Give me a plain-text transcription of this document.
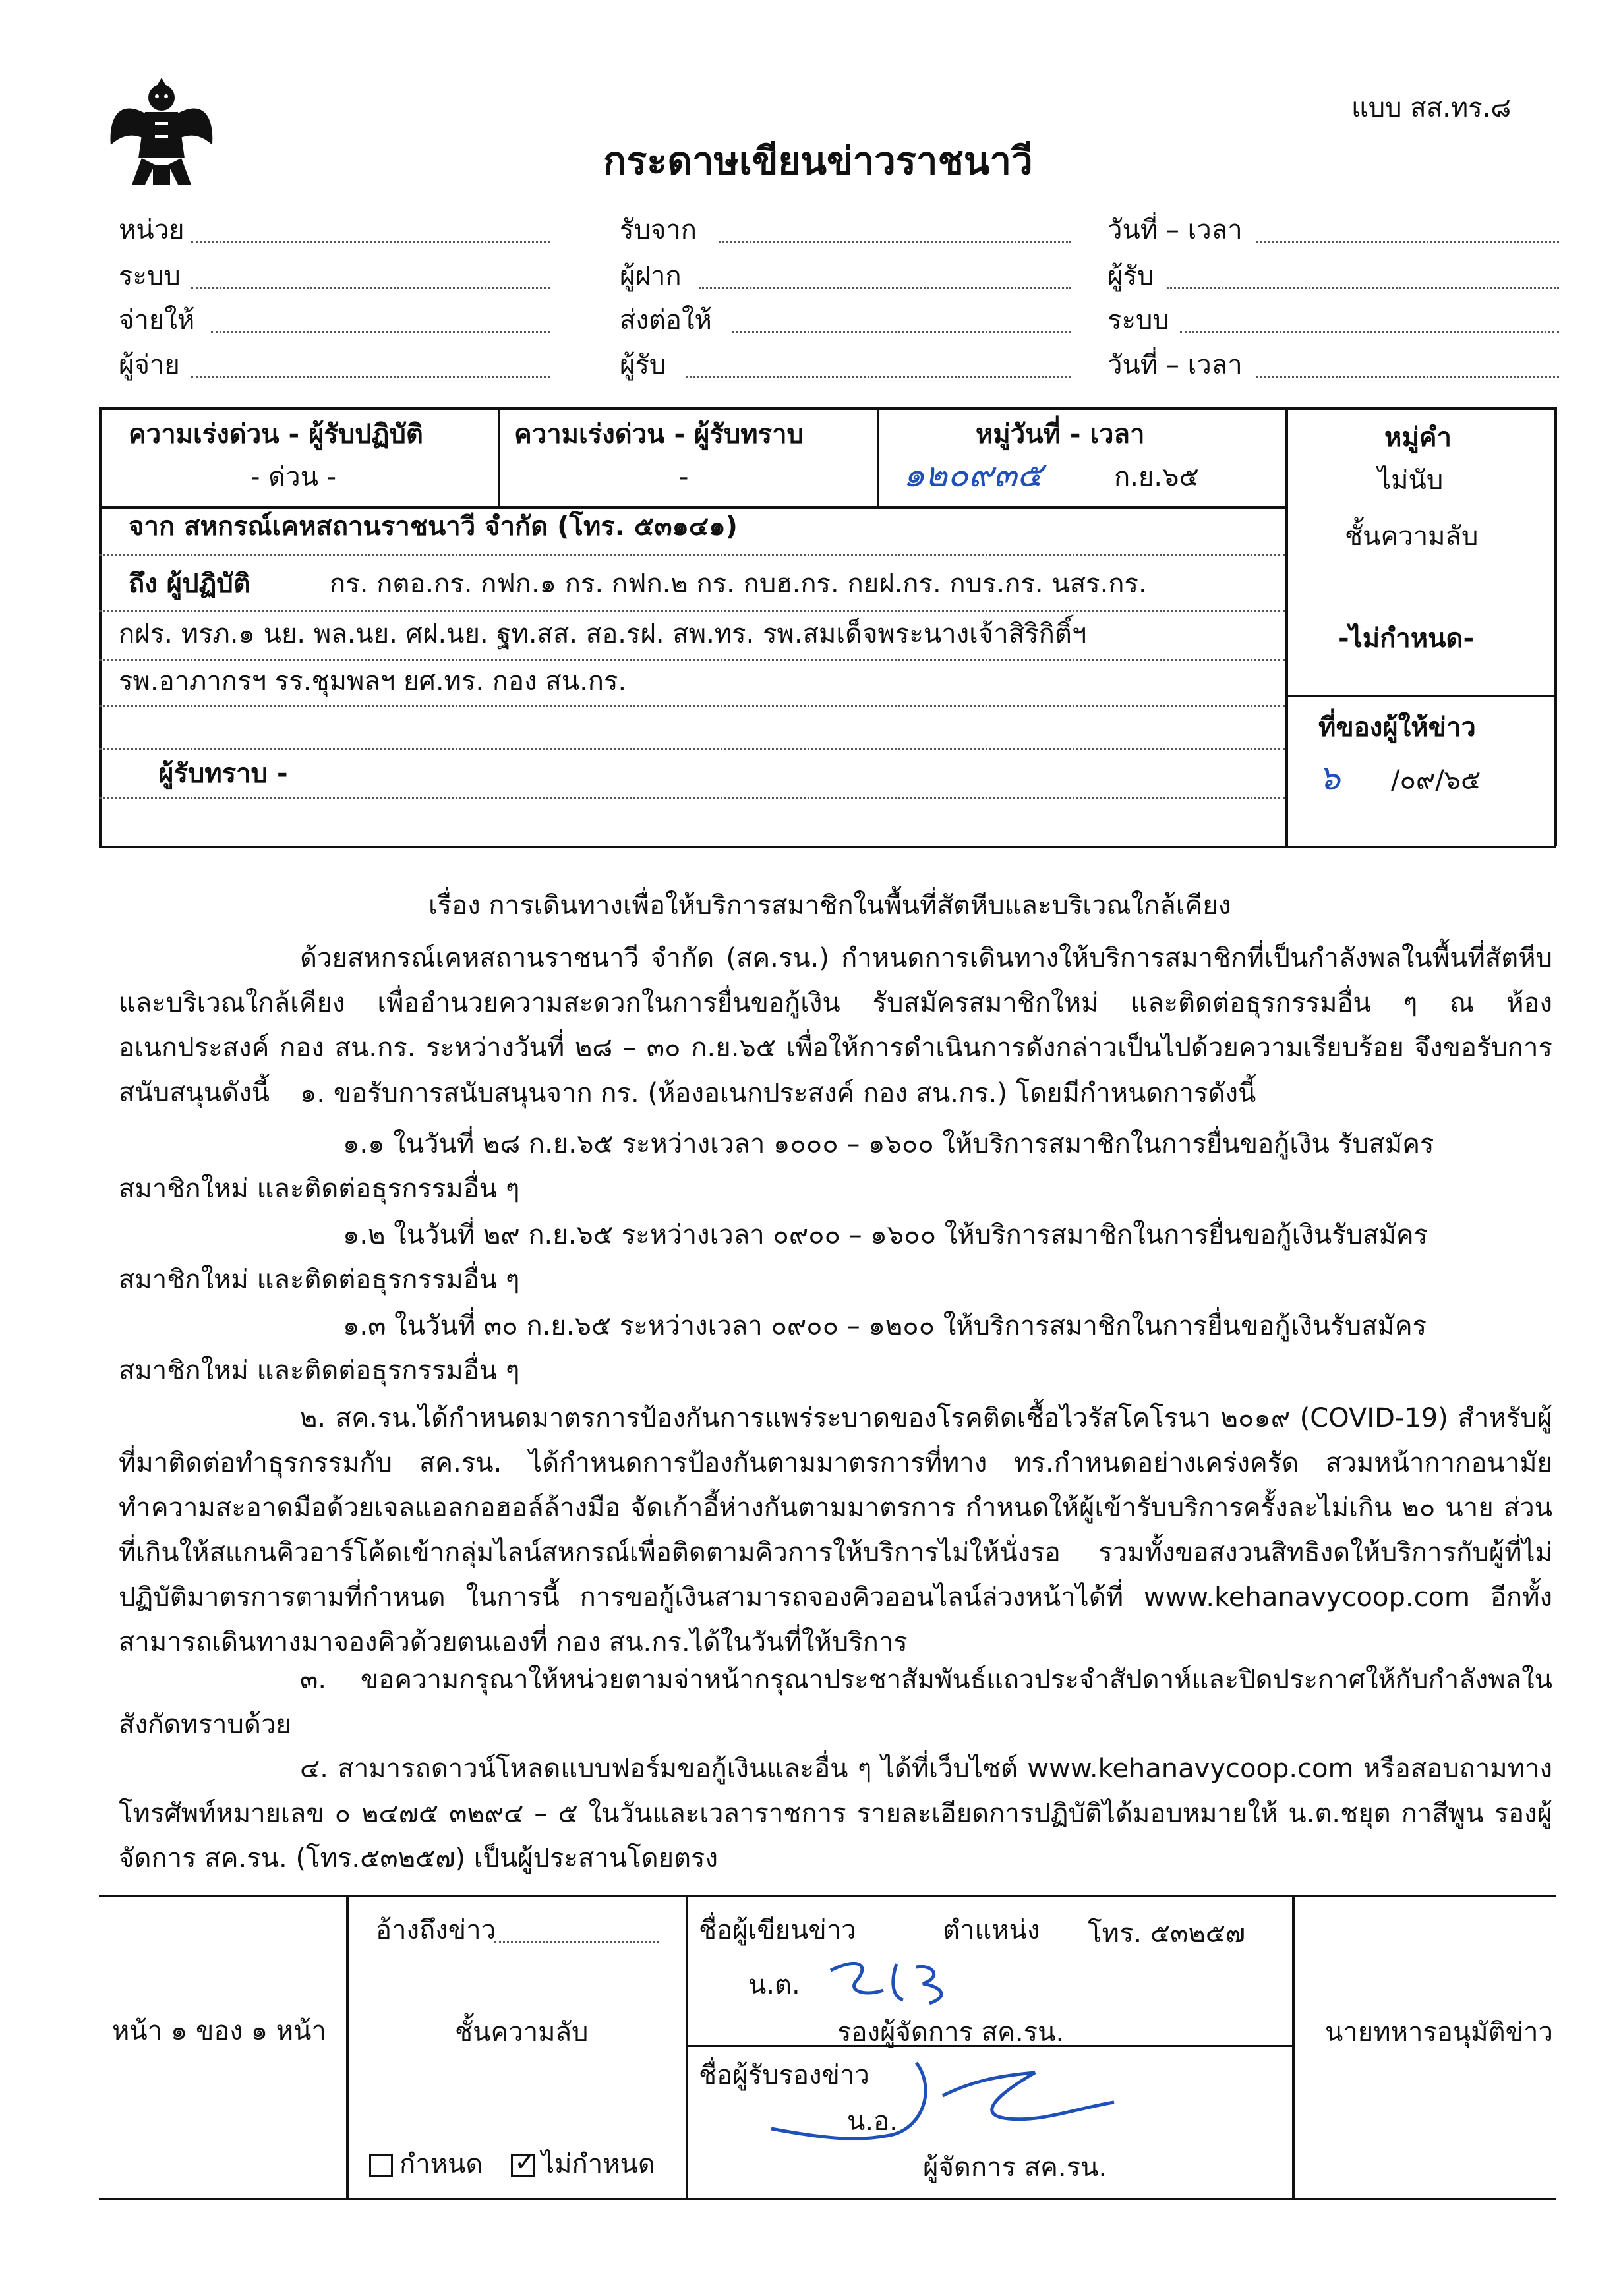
แบบ สส.ทร.๘
กระดาษเขียนข่าวราชนาวี
หน่วย
ระบบ
จ่ายให้
ผู้จ่าย
รับจาก
ผู้ฝาก
ส่งต่อให้
ผู้รับ
วันที่ – เวลา
ผู้รับ
ระบบ
วันที่ – เวลา
ความเร่งด่วน - ผู้รับปฏิบัติ
- ด่วน -
ความเร่งด่วน - ผู้รับทราบ
-
หมู่วันที่ - เวลา
๑๒๐๙๓๕	ก.ย.๖๕
หมู่คำ
ไม่นับ
จาก สหกรณ์เคหสถานราชนาวี จำกัด (โทร. ๕๓๑๔๑)
ถึง ผู้ปฏิบัติ	กร. กตอ.กร. กฟก.๑ กร. กฟก.๒ กร. กบฮ.กร. กยฝ.กร. กบร.กร. นสร.กร.
กฝร. ทรภ.๑ นย. พล.นย. ศฝ.นย. ฐท.สส. สอ.รฝ. สพ.ทร. รพ.สมเด็จพระนางเจ้าสิริกิติ์ฯ
รพ.อาภากรฯ รร.ชุมพลฯ ยศ.ทร. กอง สน.กร.
ผู้รับทราบ -
ชั้นความลับ
-ไม่กำหนด-
ที่ของผู้ให้ข่าว
๖ /๐๙/๖๕
เรื่อง การเดินทางเพื่อให้บริการสมาชิกในพื้นที่สัตหีบและบริเวณใกล้เคียง
ด้วยสหกรณ์เคหสถานราชนาวี จำกัด (สค.รน.) กำหนดการเดินทางให้บริการสมาชิกที่เป็นกำลังพลในพื้นที่สัตหีบและบริเวณใกล้เคียง เพื่ออำนวยความสะดวกในการยื่นขอกู้เงิน รับสมัครสมาชิกใหม่ และติดต่อธุรกรรมอื่น ๆ ณ ห้องอเนกประสงค์ กอง สน.กร. ระหว่างวันที่ ๒๘ – ๓๐ ก.ย.๖๕ เพื่อให้การดำเนินการดังกล่าวเป็นไปด้วยความเรียบร้อย จึงขอรับการสนับสนุนดังนี้	๑. ขอรับการสนับสนุนจาก กร. (ห้องอเนกประสงค์ กอง สน.กร.) โดยมีกำหนดการดังนี้
๑.๑ ในวันที่ ๒๘ ก.ย.๖๕ ระหว่างเวลา ๑๐๐๐ – ๑๖๐๐ ให้บริการสมาชิกในการยื่นขอกู้เงิน รับสมัคร
สมาชิกใหม่ และติดต่อธุรกรรมอื่น ๆ
๑.๒ ในวันที่ ๒๙ ก.ย.๖๕ ระหว่างเวลา ๐๙๐๐ – ๑๖๐๐ ให้บริการสมาชิกในการยื่นขอกู้เงินรับสมัคร
สมาชิกใหม่ และติดต่อธุรกรรมอื่น ๆ
๑.๓ ในวันที่ ๓๐ ก.ย.๖๕ ระหว่างเวลา ๐๙๐๐ – ๑๒๐๐ ให้บริการสมาชิกในการยื่นขอกู้เงินรับสมัคร
สมาชิกใหม่ และติดต่อธุรกรรมอื่น ๆ
๒. สค.รน.ได้กำหนดมาตรการป้องกันการแพร่ระบาดของโรคติดเชื้อไวรัสโคโรนา ๒๐๑๙ (COVID-19) สำหรับผู้ที่มาติดต่อทำธุรกรรมกับ สค.รน. ได้กำหนดการป้องกันตามมาตรการที่ทาง ทร.กำหนดอย่างเคร่งครัด สวมหน้ากากอนามัย ทำความสะอาดมือด้วยเจลแอลกอฮอล์ล้างมือ จัดเก้าอี้ห่างกันตามมาตรการ กำหนดให้ผู้เข้ารับบริการครั้งละไม่เกิน ๒๐ นาย ส่วนที่เกินให้สแกนคิวอาร์โค้ดเข้ากลุ่มไลน์สหกรณ์เพื่อติดตามคิวการให้บริการไม่ให้นั่งรอ รวมทั้งขอสงวนสิทธิงดให้บริการกับผู้ที่ไม่ปฏิบัติมาตรการตามที่กำหนด ในการนี้ การขอกู้เงินสามารถจองคิวออนไลน์ล่วงหน้าได้ที่ www.kehanavycoop.com อีกทั้งสามารถเดินทางมาจองคิวด้วยตนเองที่ กอง สน.กร.ได้ในวันที่ให้บริการ
๓. ขอความกรุณาให้หน่วยตามจ่าหน้ากรุณาประชาสัมพันธ์แถวประจำสัปดาห์และปิดประกาศให้กับกำลังพลในสังกัดทราบด้วย
๔. สามารถดาวน์โหลดแบบฟอร์มขอกู้เงินและอื่น ๆ ได้ที่เว็บไซต์ www.kehanavycoop.com หรือสอบถามทางโทรศัพท์หมายเลข ๐ ๒๔๗๕ ๓๒๙๔ – ๕ ในวันและเวลาราชการ รายละเอียดการปฏิบัติได้มอบหมายให้ น.ต.ชยุต กาสีพูน รองผู้จัดการ สค.รน. (โทร.๕๓๒๕๗) เป็นผู้ประสานโดยตรง
หน้า ๑ ของ ๑ หน้า
อ้างถึงข่าว
ชั้นความลับ
กำหนด
✓	ไม่กำหนด
ชื่อผู้เขียนข่าว	ตำแหน่ง โทร. ๕๓๒๕๗
น.ต.
รองผู้จัดการ สค.รน.
ชื่อผู้รับรองข่าว
น.อ.
ผู้จัดการ สค.รน.
นายทหารอนุมัติข่าว
